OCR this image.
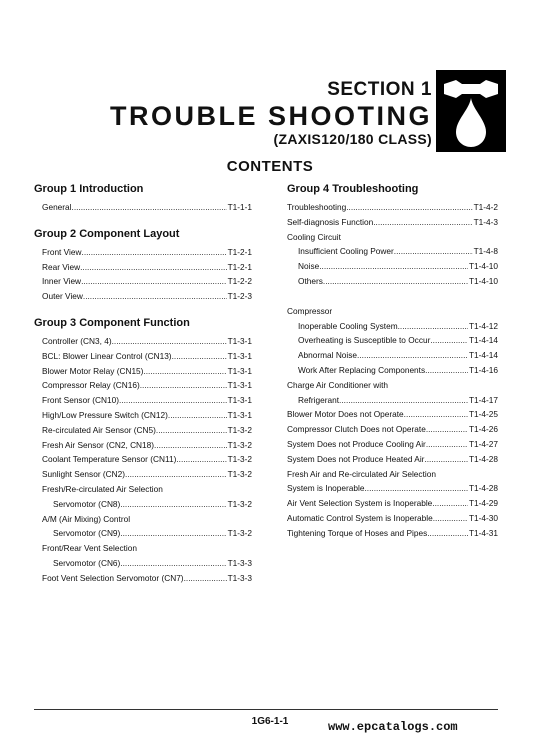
SECTION 1
TROUBLE SHOOTING
(ZAXIS120/180 CLASS)
CONTENTS
Group 1 Introduction
General .....	T1-1-1
Group 2 Component Layout
Front View .....	T1-2-1
Rear View .....	T1-2-1
Inner View .....	T1-2-2
Outer View .....	T1-2-3
Group 3 Component Function
Controller (CN3, 4) .....	T1-3-1
BCL: Blower Linear Control (CN13) .....	T1-3-1
Blower Motor Relay (CN15) .....	T1-3-1
Compressor Relay (CN16) .....	T1-3-1
Front Sensor (CN10) .....	T1-3-1
High/Low Pressure Switch (CN12) .....	T1-3-1
Re-circulated Air Sensor (CN5) .....	T1-3-2
Fresh Air Sensor (CN2, CN18) .....	T1-3-2
Coolant Temperature Sensor (CN11) .....	T1-3-2
Sunlight Sensor (CN2) .....	T1-3-2
Fresh/Re-circulated Air Selection
Servomotor (CN8) .....	T1-3-2
A/M (Air Mixing) Control
Servomotor (CN9) .....	T1-3-2
Front/Rear Vent Selection
Servomotor (CN6) .....	T1-3-3
Foot Vent Selection Servomotor (CN7) .....	T1-3-3
Group 4 Troubleshooting
Troubleshooting .....	T1-4-2
Self-diagnosis Function .....	T1-4-3
Cooling Circuit
Insufficient Cooling Power .....	T1-4-8
Noise .....	T1-4-10
Others .....	T1-4-10
Compressor
Inoperable Cooling System .....	T1-4-12
Overheating is Susceptible to Occur .....	T1-4-14
Abnormal Noise .....	T1-4-14
Work After Replacing Components .....	T1-4-16
Charge Air Conditioner with
Refrigerant .....	T1-4-17
Blower Motor Does not Operate .....	T1-4-25
Compressor Clutch Does not Operate .....	T1-4-26
System Does not Produce Cooling Air .....	T1-4-27
System Does not Produce Heated Air .....	T1-4-28
Fresh Air and Re-circulated Air Selection
System is Inoperable .....	T1-4-28
Air Vent Selection System is Inoperable .....	T1-4-29
Automatic Control System is Inoperable .....	T1-4-30
Tightening Torque of Hoses and Pipes .....	T1-4-31
1G6-1-1	www.epcatalogs.com
